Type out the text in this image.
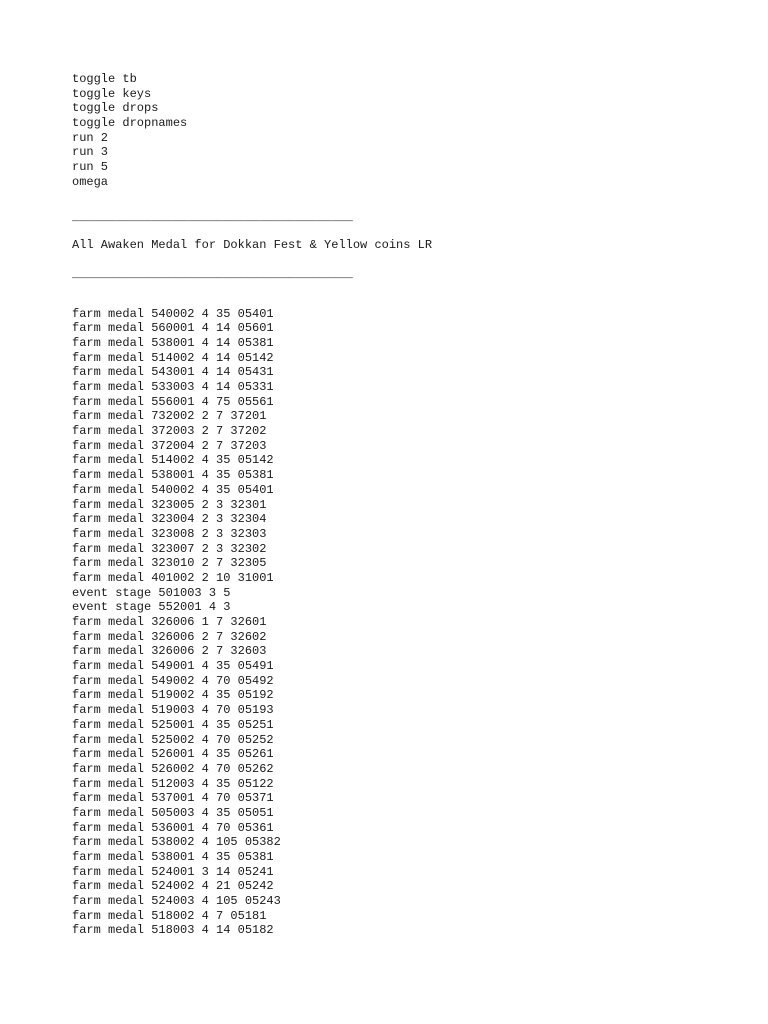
toggle tb
toggle keys
toggle drops
toggle dropnames
run 2
run 3
run 5
omega
_______________________________________
All Awaken Medal for Dokkan Fest & Yellow coins LR
_______________________________________
farm medal 540002 4 35 05401
farm medal 560001 4 14 05601
farm medal 538001 4 14 05381
farm medal 514002 4 14 05142
farm medal 543001 4 14 05431
farm medal 533003 4 14 05331
farm medal 556001 4 75 05561
farm medal 732002 2 7 37201
farm medal 372003 2 7 37202
farm medal 372004 2 7 37203
farm medal 514002 4 35 05142
farm medal 538001 4 35 05381
farm medal 540002 4 35 05401
farm medal 323005 2 3 32301
farm medal 323004 2 3 32304
farm medal 323008 2 3 32303
farm medal 323007 2 3 32302
farm medal 323010 2 7 32305
farm medal 401002 2 10 31001
event stage 501003 3 5
event stage 552001 4 3
farm medal 326006 1 7 32601
farm medal 326006 2 7 32602
farm medal 326006 2 7 32603
farm medal 549001 4 35 05491
farm medal 549002 4 70 05492
farm medal 519002 4 35 05192
farm medal 519003 4 70 05193
farm medal 525001 4 35 05251
farm medal 525002 4 70 05252
farm medal 526001 4 35 05261
farm medal 526002 4 70 05262
farm medal 512003 4 35 05122
farm medal 537001 4 70 05371
farm medal 505003 4 35 05051
farm medal 536001 4 70 05361
farm medal 538002 4 105 05382
farm medal 538001 4 35 05381
farm medal 524001 3 14 05241
farm medal 524002 4 21 05242
farm medal 524003 4 105 05243
farm medal 518002 4 7 05181
farm medal 518003 4 14 05182
